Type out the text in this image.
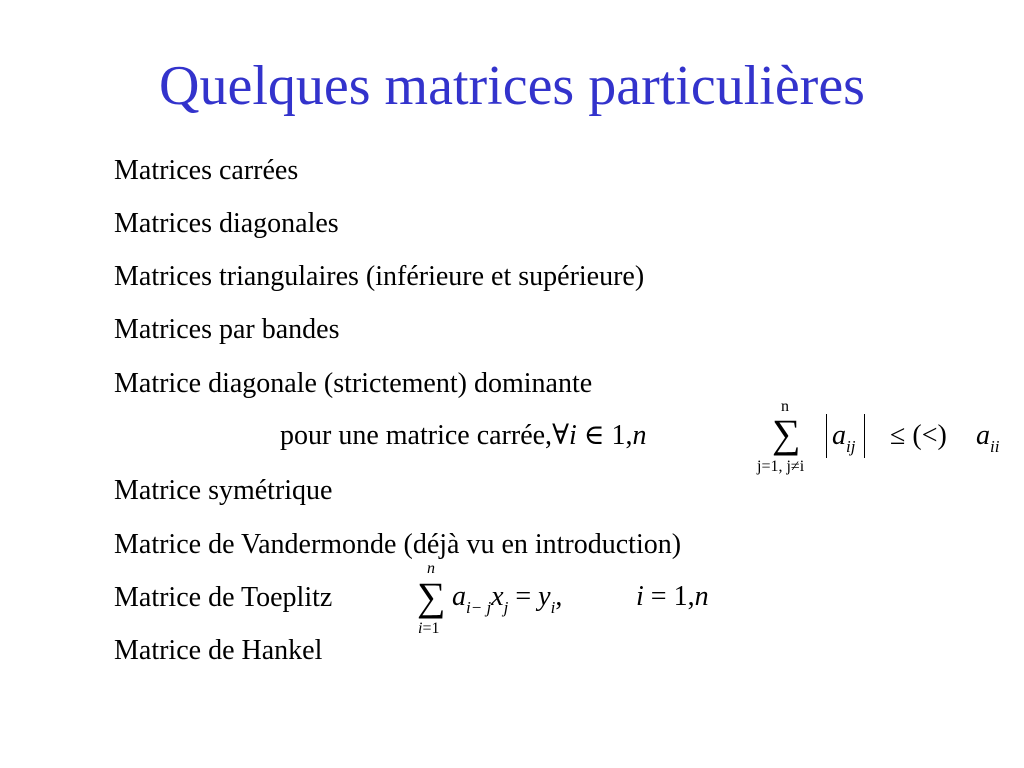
Quelques matrices particulières
Matrices carrées
Matrices diagonales
Matrices triangulaires (inférieure et supérieure)
Matrices par bandes
Matrice diagonale (strictement) dominante
pour une matrice carrée,∀i ∈ 1,n
n
∑
j=1, j≠i
$a_{ij}$ ≤ (<) $a_{ii}$
Matrice symétrique
Matrice de Vandermonde (déjà vu en introduction)
Matrice de Toeplitz
n
∑
i=1
$a_{i- j}x_j = y_i$,	i = 1,n
Matrice de Hankel
